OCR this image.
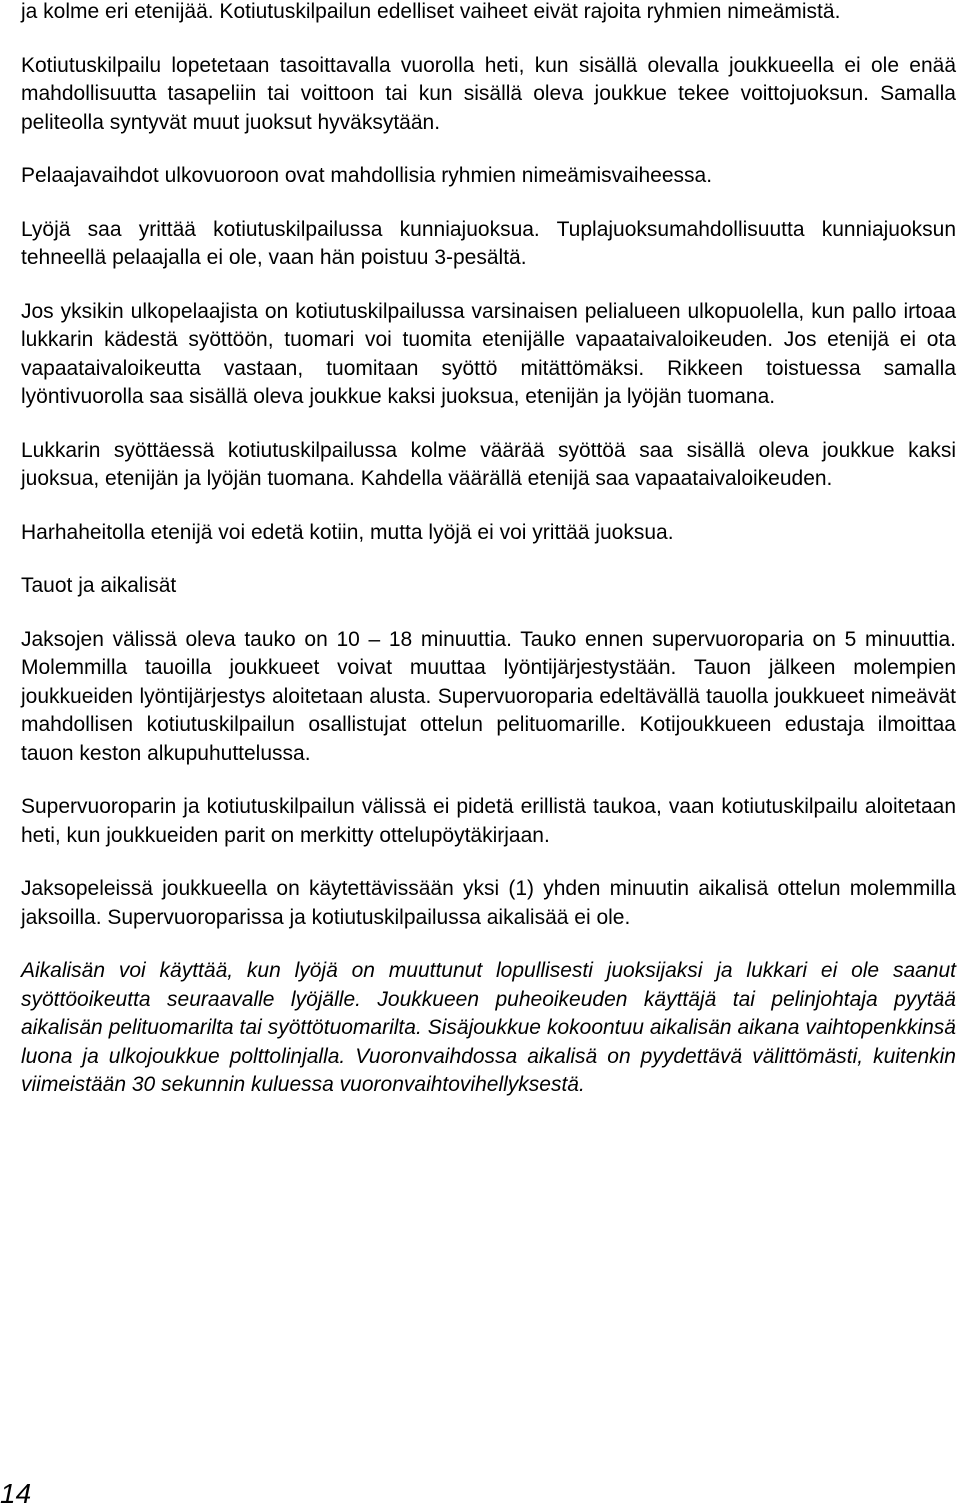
ja kolme eri etenijää. Kotiutuskilpailun edelliset vaiheet eivät rajoita ryhmien nimeämistä.

Kotiutuskilpailu lopetetaan tasoittavalla vuorolla heti, kun sisällä olevalla joukkueella ei ole enää mahdollisuutta tasapeliin tai voittoon tai kun sisällä oleva joukkue tekee voittojuoksun. Samalla peliteolla syntyvät muut juoksut hyväksytään.

Pelaajavaihdot ulkovuoroon ovat mahdollisia ryhmien nimeämisvaiheessa.

Lyöjä saa yrittää kotiutuskilpailussa kunniajuoksua. Tuplajuoksumahdollisuutta kunniajuoksun tehneellä pelaajalla ei ole, vaan hän poistuu 3-pesältä.

Jos yksikin ulkopelaajista on kotiutuskilpailussa varsinaisen pelialueen ulkopuolella, kun pallo irtoaa lukkarin kädestä syöttöön, tuomari voi tuomita etenijälle vapaataivaloikeuden. Jos etenijä ei ota vapaataivaloikeutta vastaan, tuomitaan syöttö mitättömäksi. Rikkeen toistuessa samalla lyöntivuorolla saa sisällä oleva joukkue kaksi juoksua, etenijän ja lyöjän tuomana.

Lukkarin syöttäessä kotiutuskilpailussa kolme väärää syöttöä saa sisällä oleva joukkue kaksi juoksua, etenijän ja lyöjän tuomana. Kahdella väärällä etenijä saa vapaataivaloikeuden.

Harhaheitolla etenijä voi edetä kotiin, mutta lyöjä ei voi yrittää juoksua.

Tauot ja aikalisät

Jaksojen välissä oleva tauko on 10 – 18 minuuttia. Tauko ennen supervuoroparia on 5 minuuttia. Molemmilla tauoilla joukkueet voivat muuttaa lyöntijärjestystään. Tauon jälkeen molempien joukkueiden lyöntijärjestys aloitetaan alusta. Supervuoroparia edeltävällä tauolla joukkueet nimeävät mahdollisen kotiutuskilpailun osallistujat ottelun pelituomarille. Kotijoukkueen edustaja ilmoittaa tauon keston alkupuhuttelussa.

Supervuoroparin ja kotiutuskilpailun välissä ei pidetä erillistä taukoa, vaan kotiutuskilpailu aloitetaan heti, kun joukkueiden parit on merkitty ottelupöytäkirjaan.

Jaksopeleissä joukkueella on käytettävissään yksi (1) yhden minuutin aikalisä ottelun molemmilla jaksoilla. Supervuoroparissa ja kotiutuskilpailussa aikalisää ei ole.

Aikalisän voi käyttää, kun lyöjä on muuttunut lopullisesti juoksijaksi ja lukkari ei ole saanut syöttöoikeutta seuraavalle lyöjälle. Joukkueen puheoikeuden käyttäjä tai pelinjohtaja pyytää aikalisän pelituomarilta tai syöttötuomarilta. Sisäjoukkue kokoontuu aikalisän aikana vaihtopenkkinsä luona ja ulkojoukkue polttolinjalla. Vuoronvaihdossa aikalisä on pyydettävä välittömästi, kuitenkin viimeistään 30 sekunnin kuluessa vuoronvaihtovihellyksestä.

14
